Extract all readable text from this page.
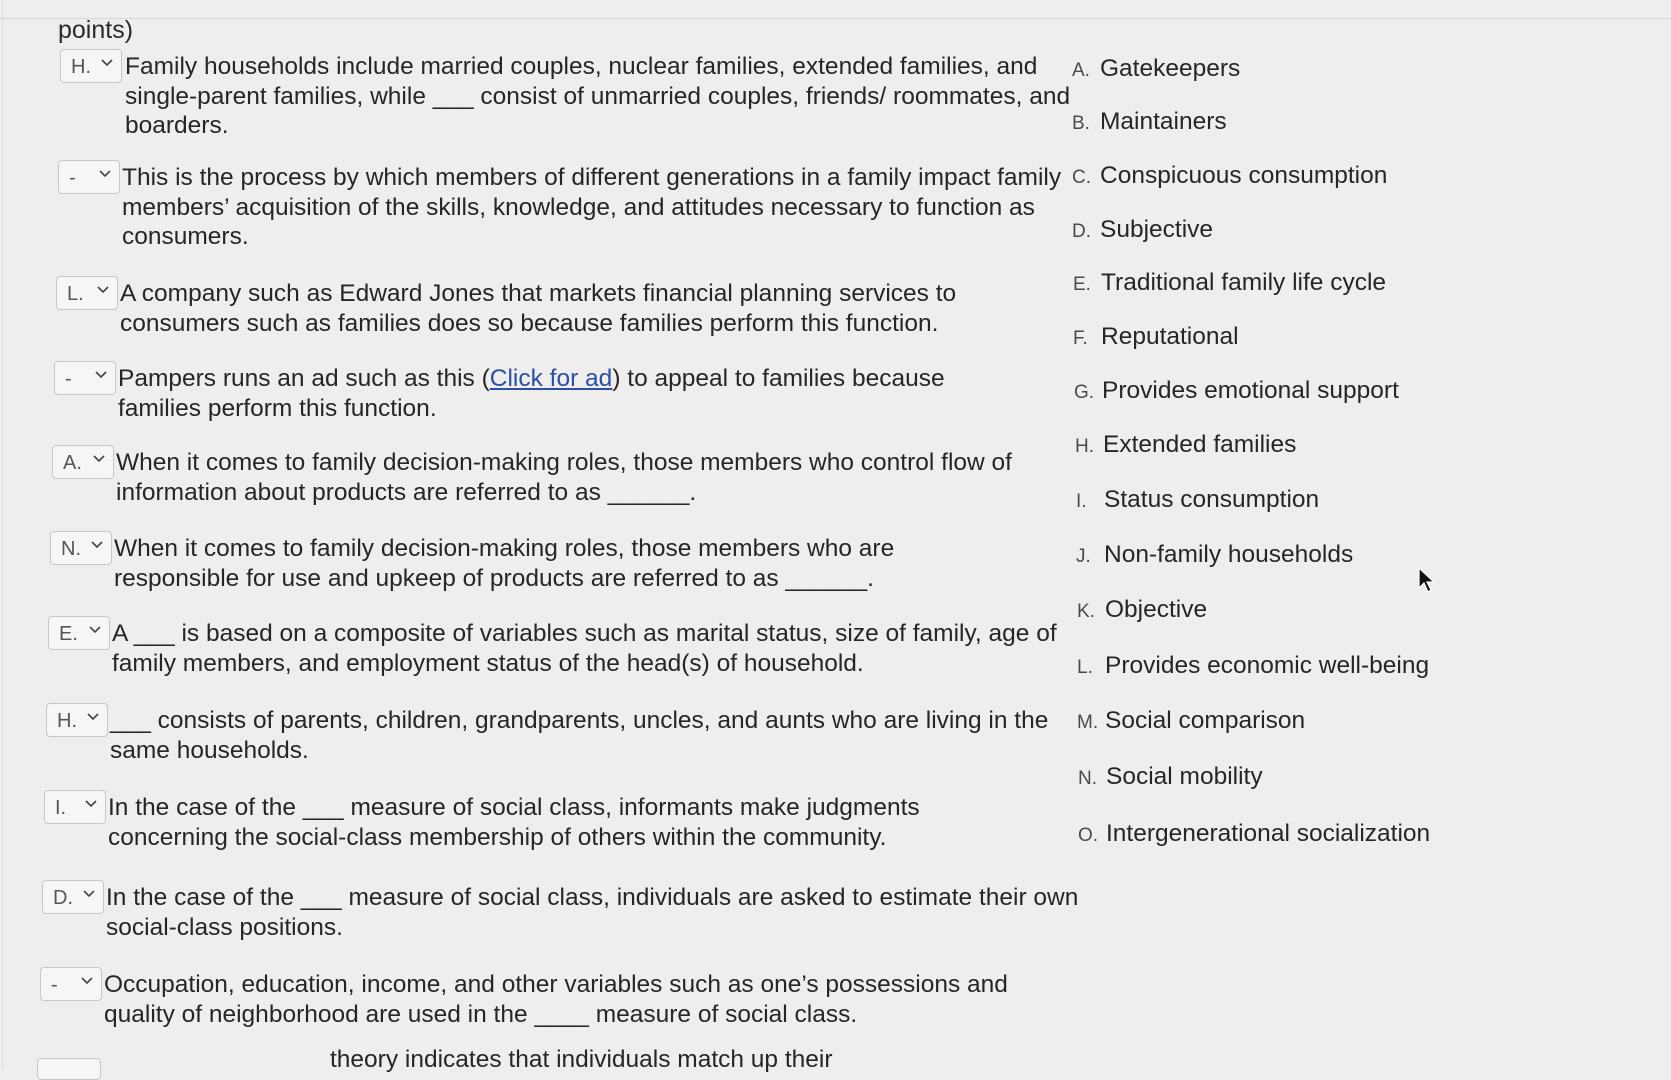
points)
H. Family households include married couples, nuclear families, extended families, and single-parent families, while ___ consist of unmarried couples, friends/ roommates, and boarders.
- This is the process by which members of different generations in a family impact family members’ acquisition of the skills, knowledge, and attitudes necessary to function as consumers.
L. A company such as Edward Jones that markets financial planning services to consumers such as families does so because families perform this function.
- Pampers runs an ad such as this (Click for ad) to appeal to families because families perform this function.
A. When it comes to family decision-making roles, those members who control flow of information about products are referred to as ______.
N. When it comes to family decision-making roles, those members who are responsible for use and upkeep of products are referred to as ______.
E. A ___ is based on a composite of variables such as marital status, size of family, age of family members, and employment status of the head(s) of household.
H. ___ consists of parents, children, grandparents, uncles, and aunts who are living in the same households.
I. In the case of the ___ measure of social class, informants make judgments concerning the social-class membership of others within the community.
D. In the case of the ___ measure of social class, individuals are asked to estimate their own social-class positions.
- Occupation, education, income, and other variables such as one’s possessions and quality of neighborhood are used in the ____ measure of social class.
theory indicates that individuals match up their
A. Gatekeepers
B. Maintainers
C. Conspicuous consumption
D. Subjective
E. Traditional family life cycle
F. Reputational
G. Provides emotional support
H. Extended families
I. Status consumption
J. Non-family households
K. Objective
L. Provides economic well-being
M. Social comparison
N. Social mobility
O. Intergenerational socialization
